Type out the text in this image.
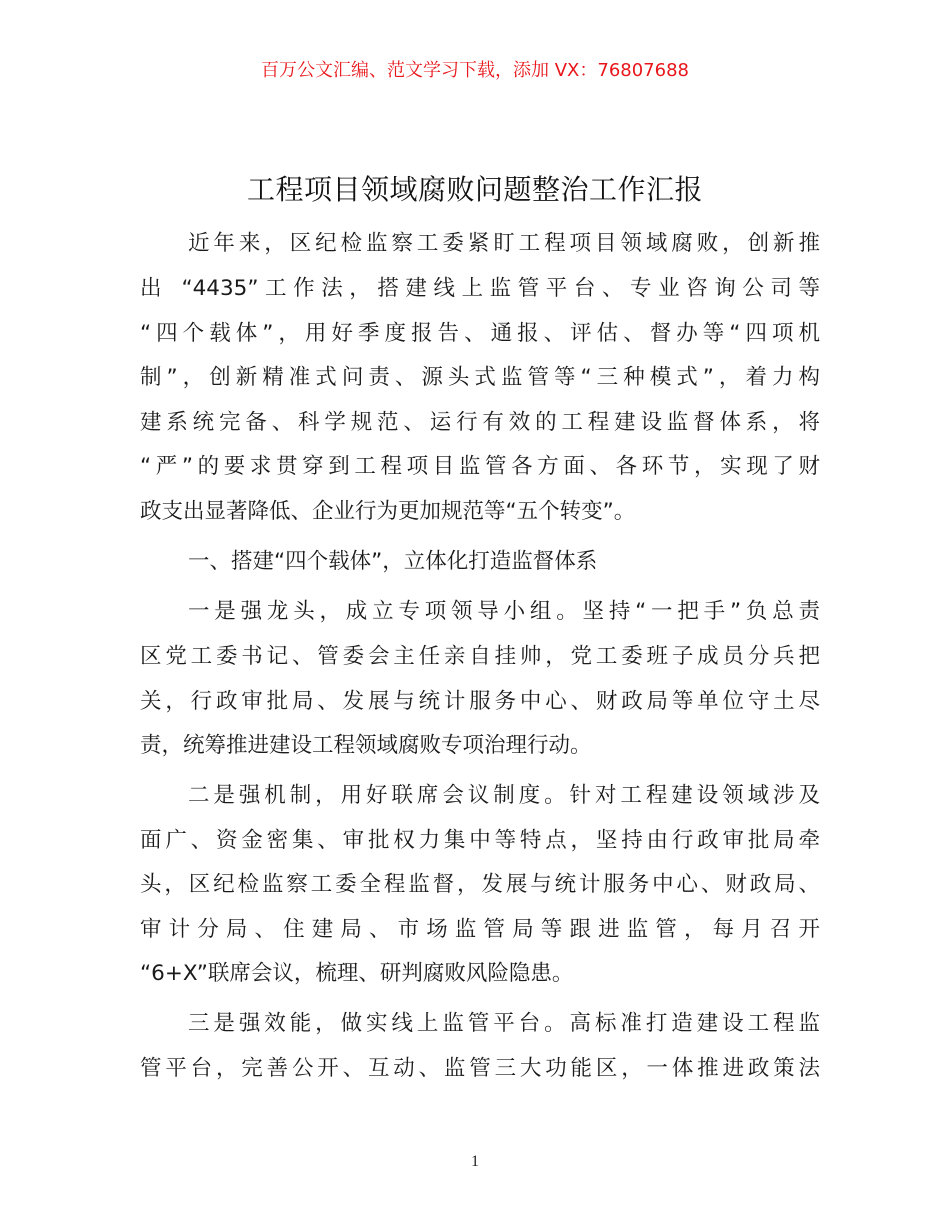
百万公文汇编、范文学习下载，添加 VX：76807688
工程项目领域腐败问题整治工作汇报
近年来，区纪检监察工委紧盯工程项目领域腐败，创新推
出 “4435”工作法，搭建线上监管平台、专业咨询公司等
“四个载体”，用好季度报告、通报、评估、督办等“四项机
制”，创新精准式问责、源头式监管等“三种模式”，着力构
建系统完备、科学规范、运行有效的工程建设监督体系，将
“严”的要求贯穿到工程项目监管各方面、各环节，实现了财
政支出显著降低、企业行为更加规范等“五个转变”。
一、搭建“四个载体”，立体化打造监督体系
一是强龙头，成立专项领导小组。坚持“一把手”负总责
区党工委书记、管委会主任亲自挂帅，党工委班子成员分兵把
关，行政审批局、发展与统计服务中心、财政局等单位守土尽
责，统筹推进建设工程领域腐败专项治理行动。
二是强机制，用好联席会议制度。针对工程建设领域涉及
面广、资金密集、审批权力集中等特点，坚持由行政审批局牵
头，区纪检监察工委全程监督，发展与统计服务中心、财政局、
审计分局、住建局、市场监管局等跟进监管，每月召开
“6+X”联席会议，梳理、研判腐败风险隐患。
三是强效能，做实线上监管平台。高标准打造建设工程监
管平台，完善公开、互动、监管三大功能区，一体推进政策法
1
